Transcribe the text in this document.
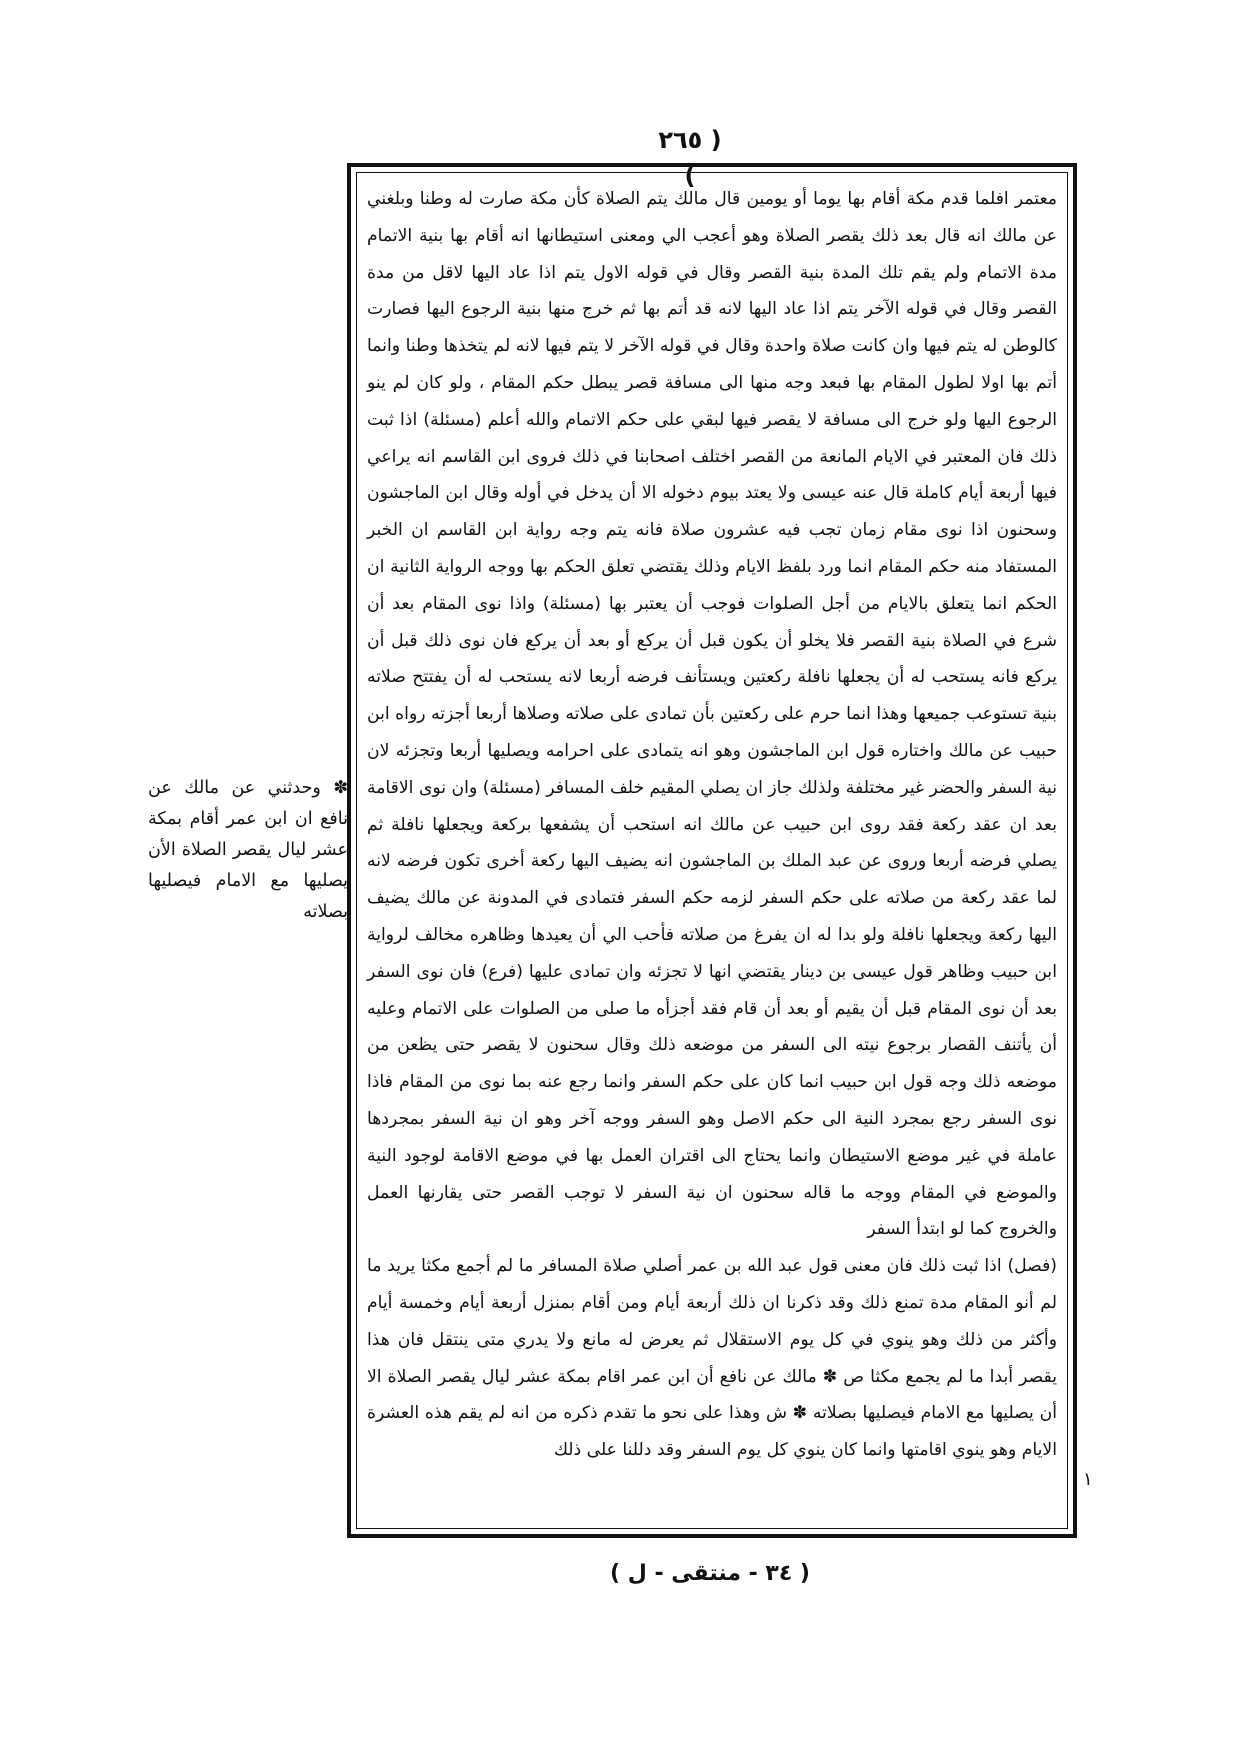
( ٢٦٥ )
✽ وحدثني عن مالك عن نافع ان ابن عمر أقام بمكة عشر ليال يقصر الصلاة الأن يصليها مع الامام فيصليها بصلاته

معتمر افلما قدم مكة أقام بها يوما أو يومين قال مالك يتم الصلاة كأن مكة صارت له وطنا وبلغني عن مالك انه قال بعد ذلك يقصر الصلاة وهو أعجب الي ومعنى استيطانها انه أقام بها بنية الاتمام مدة الاتمام ولم يقم تلك المدة بنية القصر وقال في قوله الاول يتم اذا عاد اليها لاقل من مدة القصر وقال في قوله الآخر يتم اذا عاد اليها لانه قد أتم بها ثم خرج منها بنية الرجوع اليها فصارت كالوطن له يتم فيها وان كانت صلاة واحدة وقال في قوله الآخر لا يتم فيها لانه لم يتخذها وطنا وانما أتم بها اولا لطول المقام بها فبعد وجه منها الى مسافة قصر يبطل حكم المقام ، ولو كان لم ينو الرجوع اليها ولو خرج الى مسافة لا يقصر فيها لبقي على حكم الاتمام والله أعلم (مسئلة) اذا ثبت ذلك فان المعتبر في الايام المانعة من القصر اختلف اصحابنا في ذلك فروى ابن القاسم انه يراعي فيها أربعة أيام كاملة قال عنه عيسى ولا يعتد بيوم دخوله الا أن يدخل في أوله وقال ابن الماجشون وسحنون اذا نوى مقام زمان تجب فيه عشرون صلاة فانه يتم وجه رواية ابن القاسم ان الخبر المستفاد منه حكم المقام انما ورد بلفظ الايام وذلك يقتضي تعلق الحكم بها ووجه الرواية الثانية ان الحكم انما يتعلق بالايام من أجل الصلوات فوجب أن يعتبر بها (مسئلة) واذا نوى المقام بعد أن شرع في الصلاة بنية القصر فلا يخلو أن يكون قبل أن يركع أو بعد أن يركع فان نوى ذلك قبل أن يركع فانه يستحب له أن يجعلها نافلة ركعتين ويستأنف فرضه أربعا لانه يستحب له أن يفتتح صلاته بنية تستوعب جميعها وهذا انما حرم على ركعتين بأن تمادى على صلاته وصلاها أربعا أجزته رواه ابن حبيب عن مالك واختاره قول ابن الماجشون وهو انه يتمادى على احرامه ويصليها أربعا وتجزئه لان نية السفر والحضر غير مختلفة ولذلك جاز ان يصلي المقيم خلف المسافر (مسئلة) وان نوى الاقامة بعد ان عقد ركعة فقد روى ابن حبيب عن مالك انه استحب أن يشفعها بركعة ويجعلها نافلة ثم يصلي فرضه أربعا وروى عن عبد الملك بن الماجشون انه يضيف اليها ركعة أخرى تكون فرضه لانه لما عقد ركعة من صلاته على حكم السفر لزمه حكم السفر فتمادى في المدونة عن مالك يضيف اليها ركعة ويجعلها نافلة ولو بدا له ان يفرغ من صلاته فأحب الي أن يعيدها وظاهره مخالف لرواية ابن حبيب وظاهر قول عيسى بن دينار يقتضي انها لا تجزئه وان تمادى عليها (فرع) فان نوى السفر بعد أن نوى المقام قبل أن يقيم أو بعد أن قام فقد أجزأه ما صلى من الصلوات على الاتمام وعليه أن يأتنف القصار برجوع نيته الى السفر من موضعه ذلك وقال سحنون لا يقصر حتى يظعن من موضعه ذلك وجه قول ابن حبيب انما كان على حكم السفر وانما رجع عنه بما نوى من المقام فاذا نوى السفر رجع بمجرد النية الى حكم الاصل وهو السفر ووجه آخر وهو ان نية السفر بمجردها عاملة في غير موضع الاستيطان وانما يحتاج الى اقتران العمل بها في موضع الاقامة لوجود النية والموضع في المقام ووجه ما قاله سحنون ان نية السفر لا توجب القصر حتى يقارنها العمل والخروج كما لو ابتدأ السفر

(فصل) اذا ثبت ذلك فان معنى قول عبد الله بن عمر أصلي صلاة المسافر ما لم أجمع مكثا يريد ما لم أنو المقام مدة تمنع ذلك وقد ذكرنا ان ذلك أربعة أيام ومن أقام بمنزل أربعة أيام وخمسة أيام وأكثر من ذلك وهو ينوي في كل يوم الاستقلال ثم يعرض له مانع ولا يدري متى ينتقل فان هذا يقصر أبدا ما لم يجمع مكثا ص ✽ مالك عن نافع أن ابن عمر اقام بمكة عشر ليال يقصر الصلاة الا أن يصليها مع الامام فيصليها بصلاته ✽ ش وهذا على نحو ما تقدم ذكره من انه لم يقم هذه العشرة الايام وهو ينوي اقامتها وانما كان ينوي كل يوم السفر وقد دللنا على ذلك

١
( ٣٤ - منتقى - ل )
